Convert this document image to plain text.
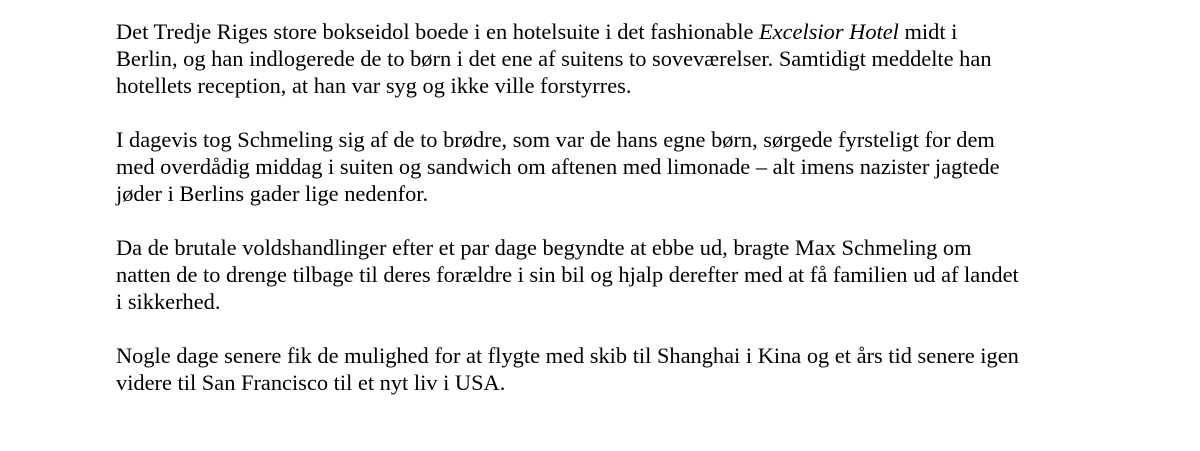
Det Tredje Riges store bokseidol boede i en hotelsuite i det fashionable Excelsior Hotel midt i
Berlin, og han indlogerede de to børn i det ene af suitens to soveværelser. Samtidigt meddelte han
hotellets reception, at han var syg og ikke ville forstyrres.

I dagevis tog Schmeling sig af de to brødre, som var de hans egne børn, sørgede fyrsteligt for dem
med overdådig middag i suiten og sandwich om aftenen med limonade – alt imens nazister jagtede
jøder i Berlins gader lige nedenfor.

Da de brutale voldshandlinger efter et par dage begyndte at ebbe ud, bragte Max Schmeling om
natten de to drenge tilbage til deres forældre i sin bil og hjalp derefter med at få familien ud af landet
i sikkerhed.

Nogle dage senere fik de mulighed for at flygte med skib til Shanghai i Kina og et års tid senere igen
videre til San Francisco til et nyt liv i USA.
